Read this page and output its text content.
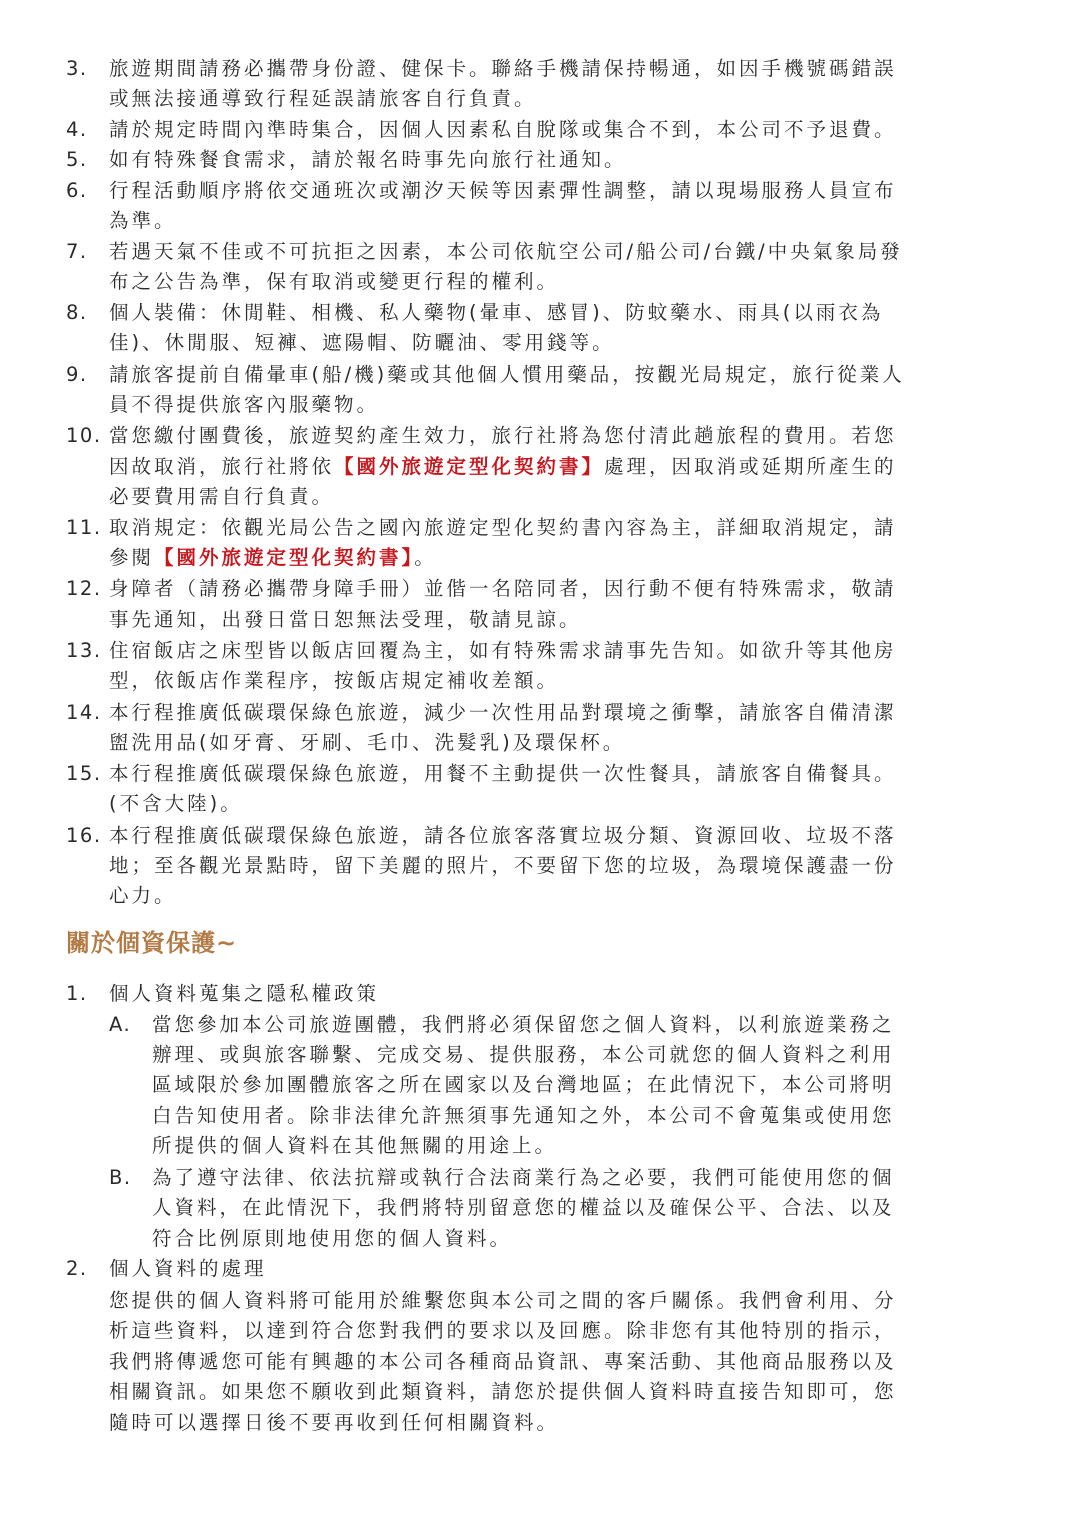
3. 旅遊期間請務必攜帶身份證、健保卡。聯絡手機請保持暢通，如因手機號碼錯誤
或無法接通導致行程延誤請旅客自行負責。
4. 請於規定時間內準時集合，因個人因素私自脫隊或集合不到，本公司不予退費。
5. 如有特殊餐食需求，請於報名時事先向旅行社通知。
6. 行程活動順序將依交通班次或潮汐天候等因素彈性調整，請以現場服務人員宣布
為準。
7. 若遇天氣不佳或不可抗拒之因素，本公司依航空公司/船公司/台鐵/中央氣象局發
布之公告為準，保有取消或變更行程的權利。
8. 個人裝備：休閒鞋、相機、私人藥物(暈車、感冒)、防蚊藥水、雨具(以雨衣為
佳)、休閒服、短褲、遮陽帽、防曬油、零用錢等。
9. 請旅客提前自備暈車(船/機)藥或其他個人慣用藥品，按觀光局規定，旅行從業人
員不得提供旅客內服藥物。
10. 當您繳付團費後，旅遊契約產生效力，旅行社將為您付清此趟旅程的費用。若您
因故取消，旅行社將依【國外旅遊定型化契約書】處理，因取消或延期所產生的
必要費用需自行負責。
11. 取消規定：依觀光局公告之國內旅遊定型化契約書內容為主，詳細取消規定，請
參閱【國外旅遊定型化契約書】。
12. 身障者（請務必攜帶身障手冊）並偕一名陪同者，因行動不便有特殊需求，敬請
事先通知，出發日當日恕無法受理，敬請見諒。
13. 住宿飯店之床型皆以飯店回覆為主，如有特殊需求請事先告知。如欲升等其他房
型，依飯店作業程序，按飯店規定補收差額。
14. 本行程推廣低碳環保綠色旅遊，減少一次性用品對環境之衝擊，請旅客自備清潔
盥洗用品(如牙膏、牙刷、毛巾、洗髮乳)及環保杯。
15. 本行程推廣低碳環保綠色旅遊，用餐不主動提供一次性餐具，請旅客自備餐具。
(不含大陸)。
16. 本行程推廣低碳環保綠色旅遊，請各位旅客落實垃圾分類、資源回收、垃圾不落
地；至各觀光景點時，留下美麗的照片，不要留下您的垃圾，為環境保護盡一份
心力。
關於個資保護~
1. 個人資料蒐集之隱私權政策
A. 當您參加本公司旅遊團體，我們將必須保留您之個人資料，以利旅遊業務之
辦理、或與旅客聯繫、完成交易、提供服務，本公司就您的個人資料之利用
區域限於參加團體旅客之所在國家以及台灣地區；在此情況下，本公司將明
白告知使用者。除非法律允許無須事先通知之外，本公司不會蒐集或使用您
所提供的個人資料在其他無關的用途上。
B. 為了遵守法律、依法抗辯或執行合法商業行為之必要，我們可能使用您的個
人資料，在此情況下，我們將特別留意您的權益以及確保公平、合法、以及
符合比例原則地使用您的個人資料。
2. 個人資料的處理
您提供的個人資料將可能用於維繫您與本公司之間的客戶關係。我們會利用、分
析這些資料，以達到符合您對我們的要求以及回應。除非您有其他特別的指示，
我們將傳遞您可能有興趣的本公司各種商品資訊、專案活動、其他商品服務以及
相關資訊。如果您不願收到此類資料，請您於提供個人資料時直接告知即可，您
隨時可以選擇日後不要再收到任何相關資料。
